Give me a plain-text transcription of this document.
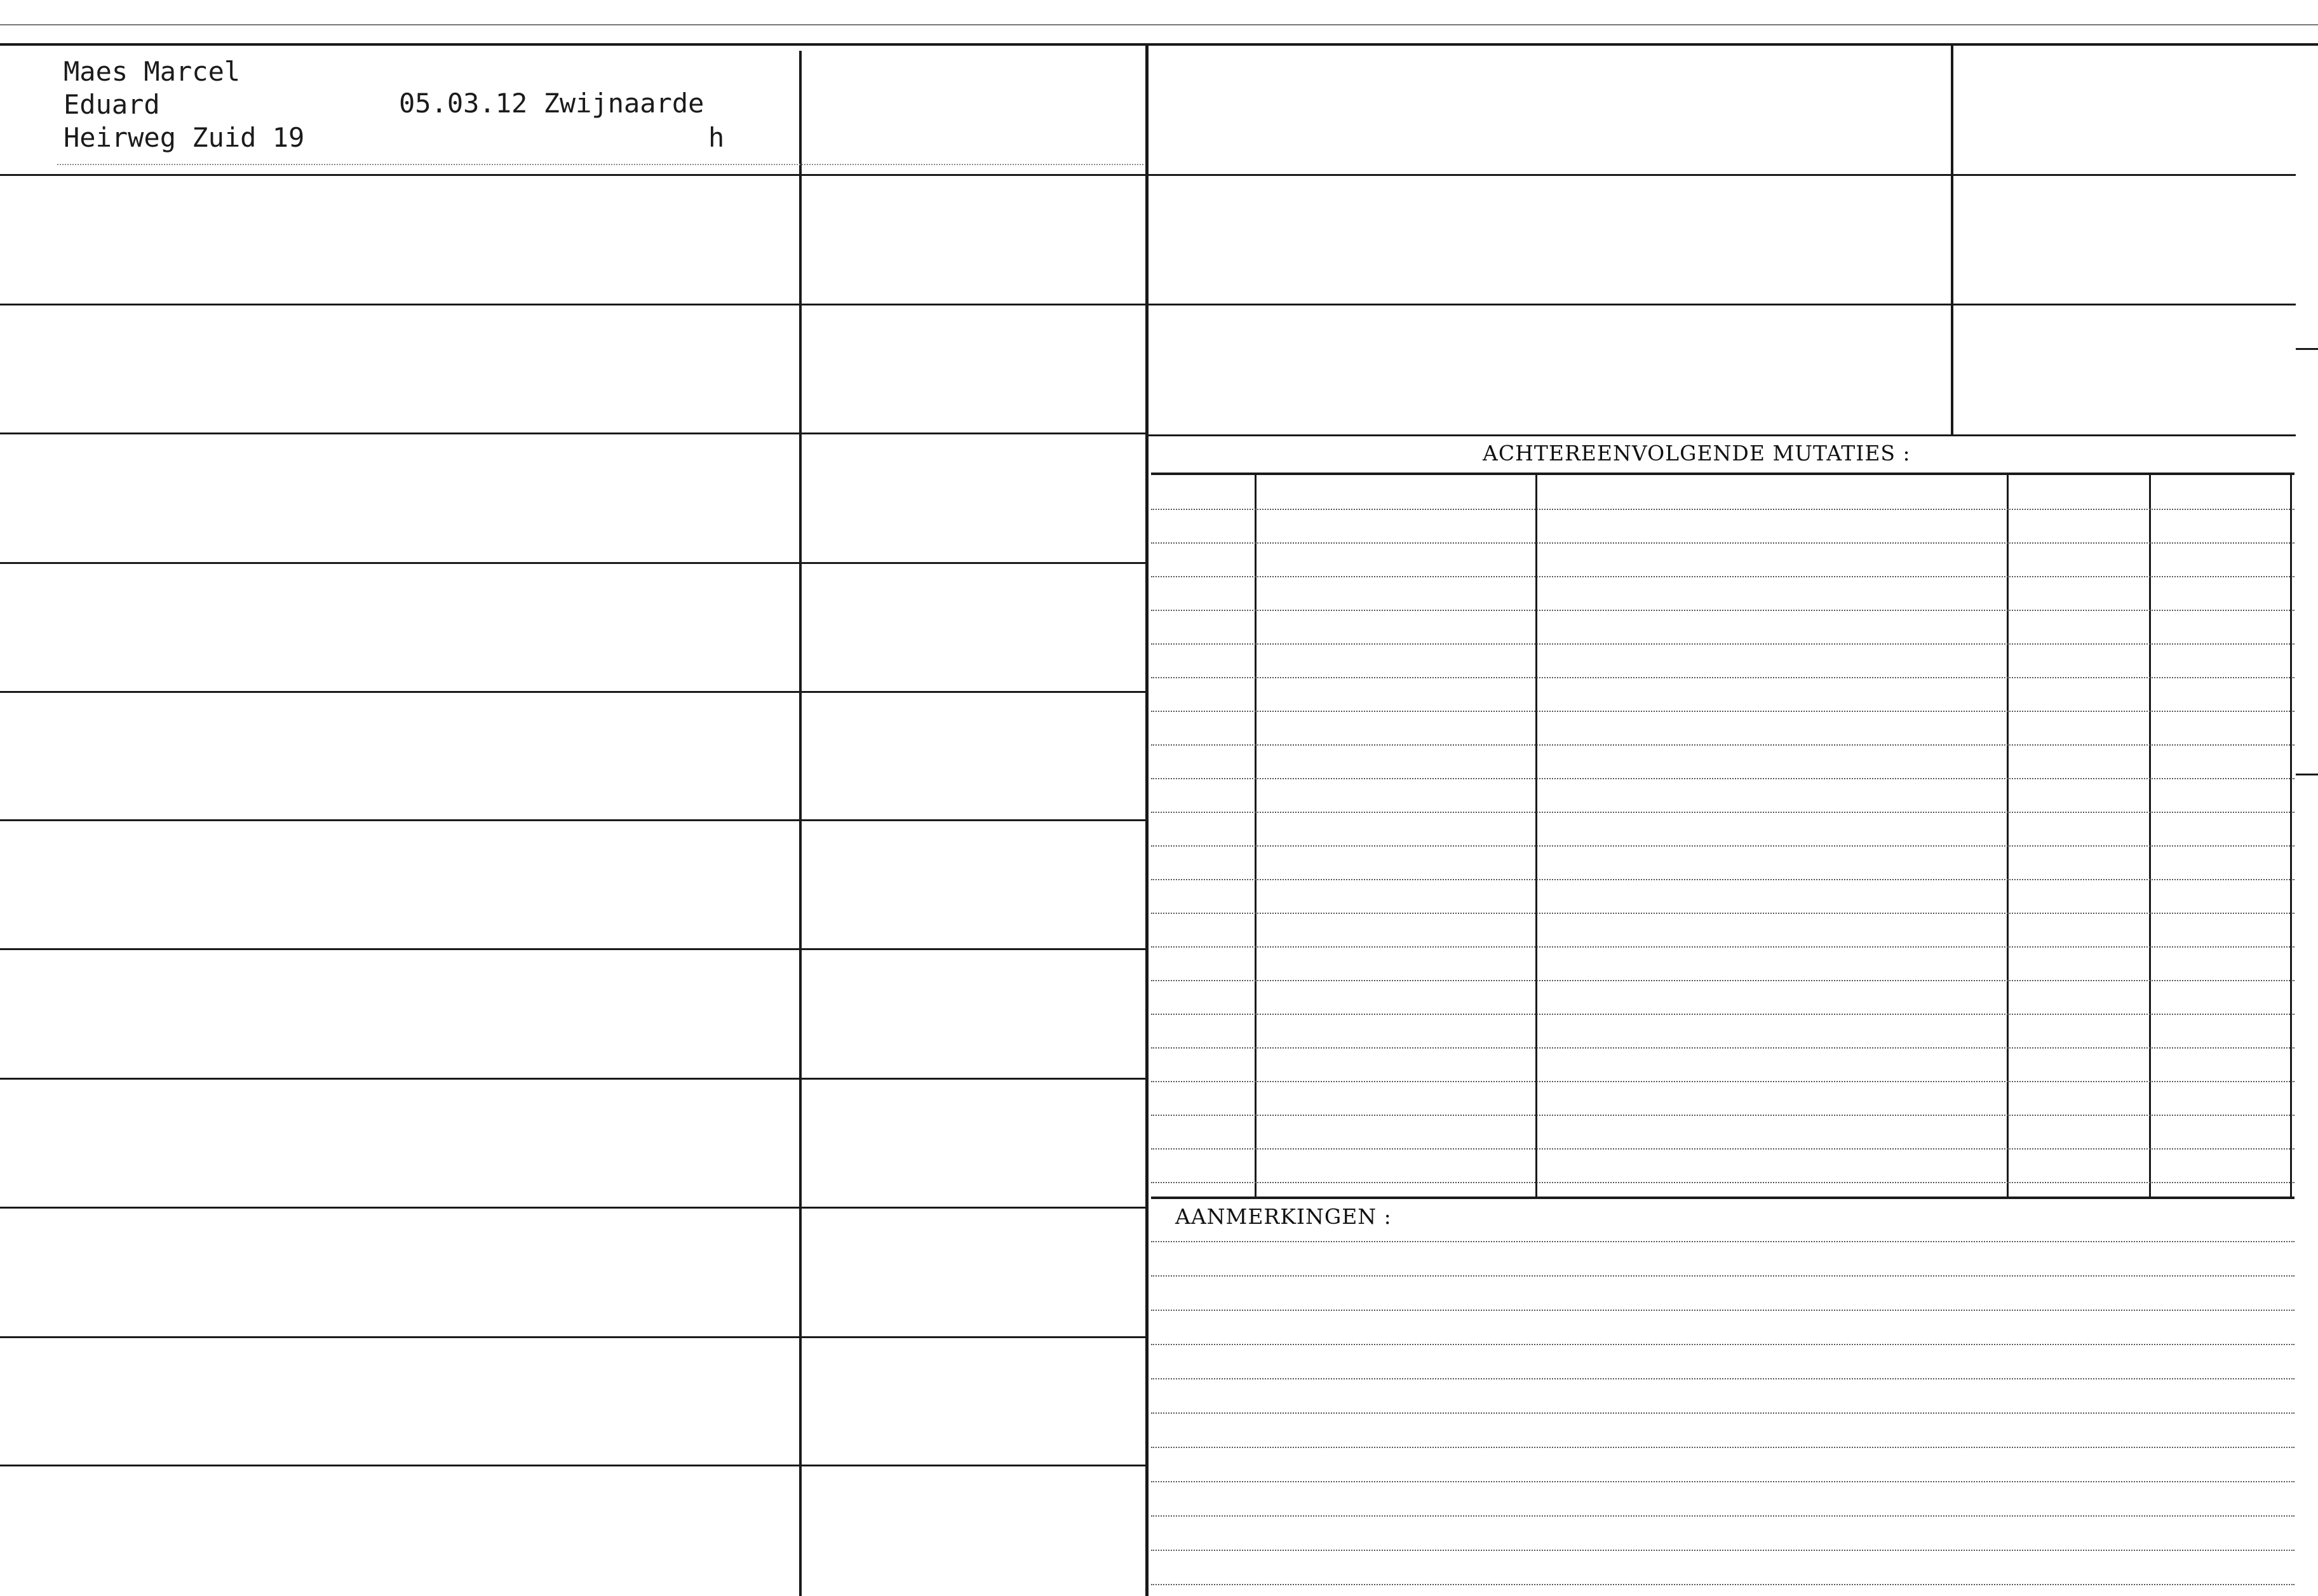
Maes Marcel
Eduard	05.03.12 Zwijnaarde
Heirweg Zuid 19	h
ACHTEREENVOLGENDE MUTATIES :
AANMERKINGEN :
